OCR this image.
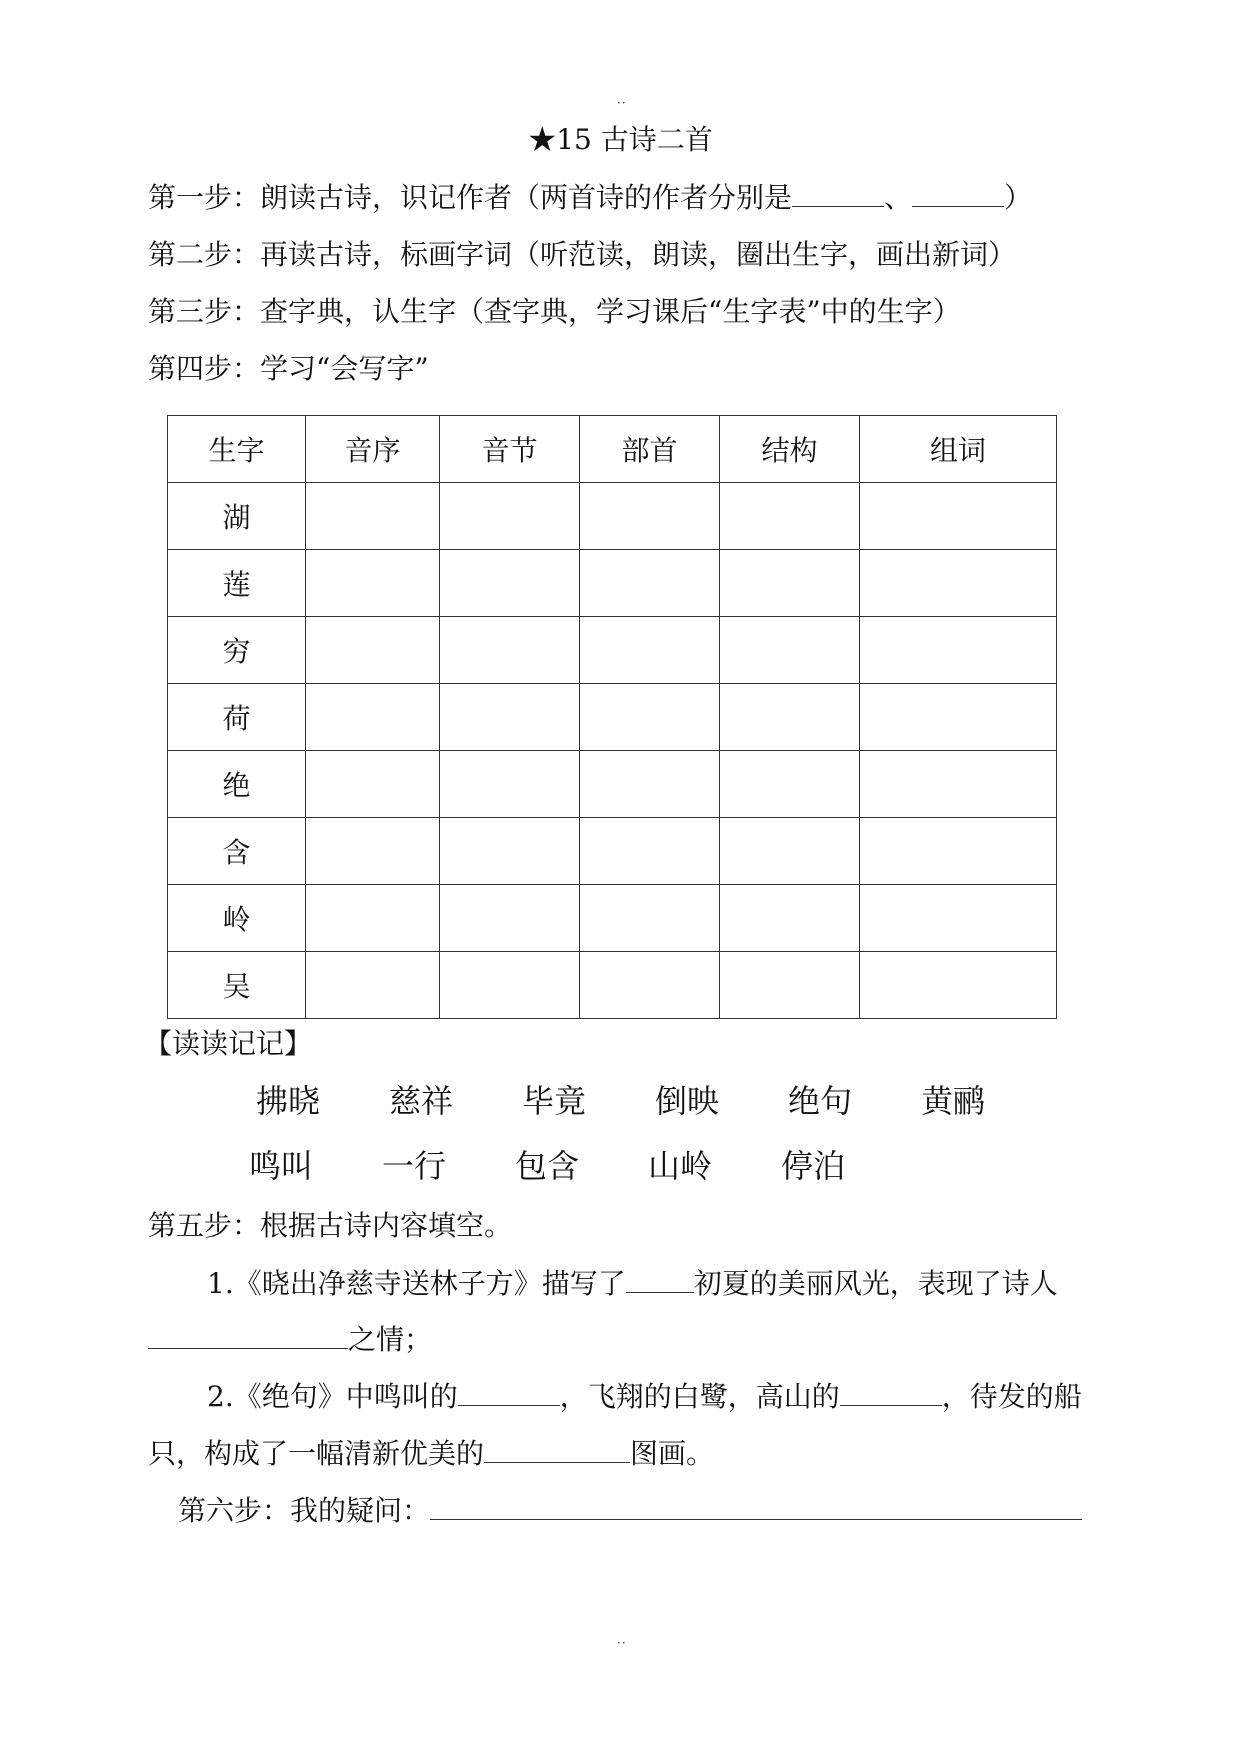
··
★15 古诗二首
第一步：朗读古诗，识记作者（两首诗的作者分别是	、	）
第二步：再读古诗，标画字词（听范读，朗读，圈出生字，画出新词）
第三步：查字典，认生字（查字典，学习课后“生字表”中的生字）
第四步：学习“会写字”
生字	音序	音节	部首	结构	组词
湖					
莲					
穷					
荷					
绝					
含					
岭					
吴					
【读读记记】
拂晓 慈祥 毕竟 倒映 绝句 黄鹂
鸣叫 一行 包含 山岭 停泊
第五步：根据古诗内容填空。
1.《晓出净慈寺送林子方》描写了 初夏的美丽风光，表现了诗人
之情；
2.《绝句》中鸣叫的	，飞翔的白鹭，高山的	，待发的船
只，构成了一幅清新优美的	图画。
第六步：我的疑问：
··
